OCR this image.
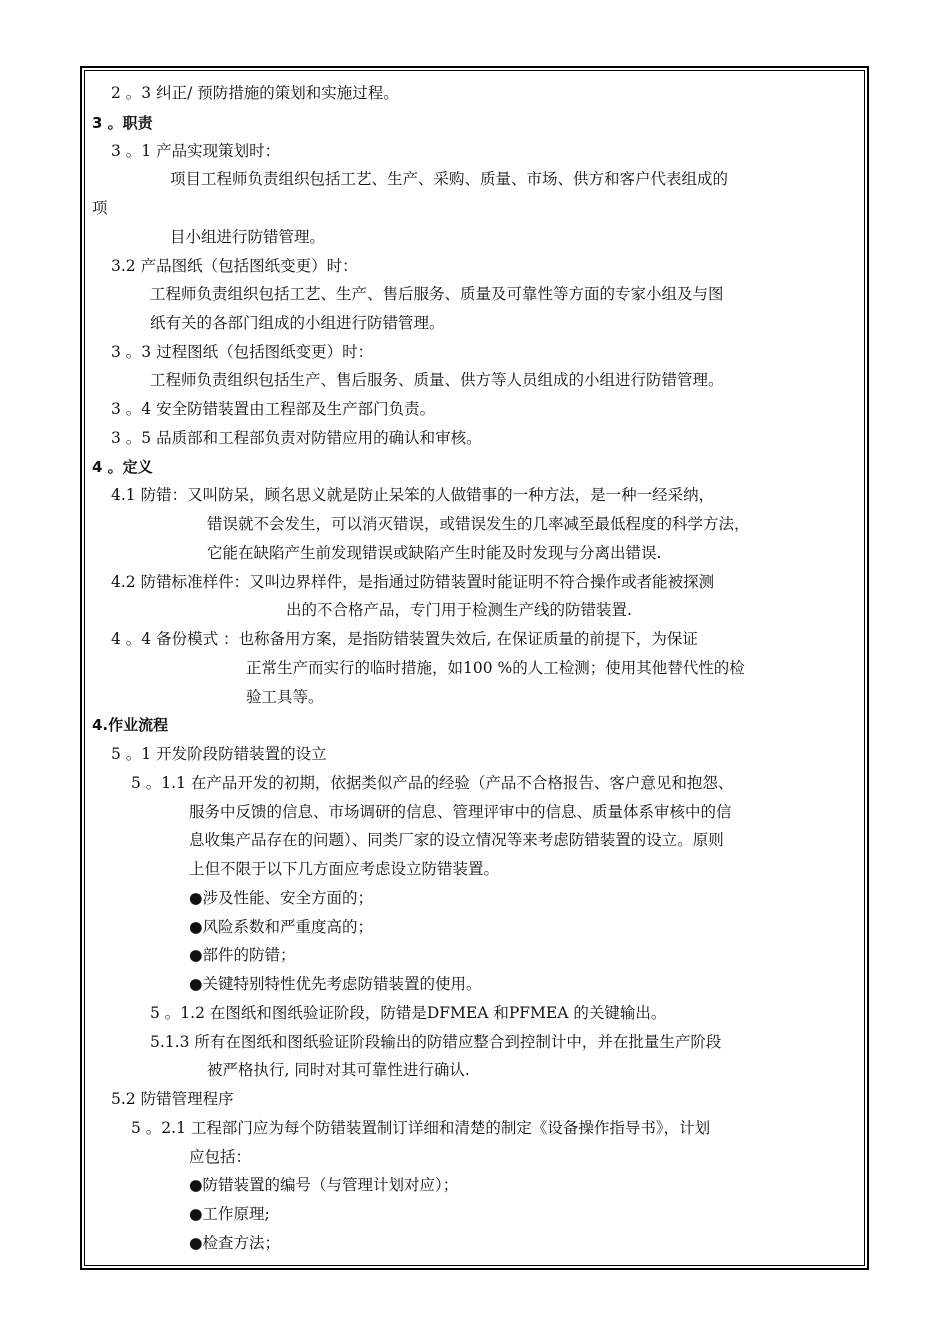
2 。3 纠正/ 预防措施的策划和实施过程。
3 。职责
3 。1 产品实现策划时：
项目工程师负责组织包括工艺、生产、采购、质量、市场、供方和客户代表组成的
项
目小组进行防错管理。
3.2 产品图纸（包括图纸变更）时：
工程师负责组织包括工艺、生产、售后服务、质量及可靠性等方面的专家小组及与图
纸有关的各部门组成的小组进行防错管理。
3 。3 过程图纸（包括图纸变更）时：
工程师负责组织包括生产、售后服务、质量、供方等人员组成的小组进行防错管理。
3 。4 安全防错装置由工程部及生产部门负责。
3 。5 品质部和工程部负责对防错应用的确认和审核。
4 。定义
4.1 防错：又叫防呆，顾名思义就是防止呆笨的人做错事的一种方法，是一种一经采纳，
错误就不会发生，可以消灭错误，或错误发生的几率减至最低程度的科学方法，
它能在缺陷产生前发现错误或缺陷产生时能及时发现与分离出错误.
4.2 防错标准样件：又叫边界样件，是指通过防错装置时能证明不符合操作或者能被探测
出的不合格产品，专门用于检测生产线的防错装置.
4 。4 备份模式 ：也称备用方案，是指防错装置失效后, 在保证质量的前提下，为保证
正常生产而实行的临时措施，如100 %的人工检测；使用其他替代性的检
验工具等。
4.作业流程
5 。1 开发阶段防错装置的设立
5 。1.1 在产品开发的初期，依据类似产品的经验（产品不合格报告、客户意见和抱怨、
服务中反馈的信息、市场调研的信息、管理评审中的信息、质量体系审核中的信
息收集产品存在的问题）、同类厂家的设立情况等来考虑防错装置的设立。原则
上但不限于以下几方面应考虑设立防错装置。
●涉及性能、安全方面的；
●风险系数和严重度高的；
●部件的防错；
●关键特别特性优先考虑防错装置的使用。
5 。1.2 在图纸和图纸验证阶段，防错是DFMEA 和PFMEA 的关键输出。
5.1.3 所有在图纸和图纸验证阶段输出的防错应整合到控制计中，并在批量生产阶段
被严格执行, 同时对其可靠性进行确认.
5.2 防错管理程序
5 。2.1 工程部门应为每个防错装置制订详细和清楚的制定《设备操作指导书》，计划
应包括：
●防错装置的编号（与管理计划对应）；
●工作原理;
●检查方法；
